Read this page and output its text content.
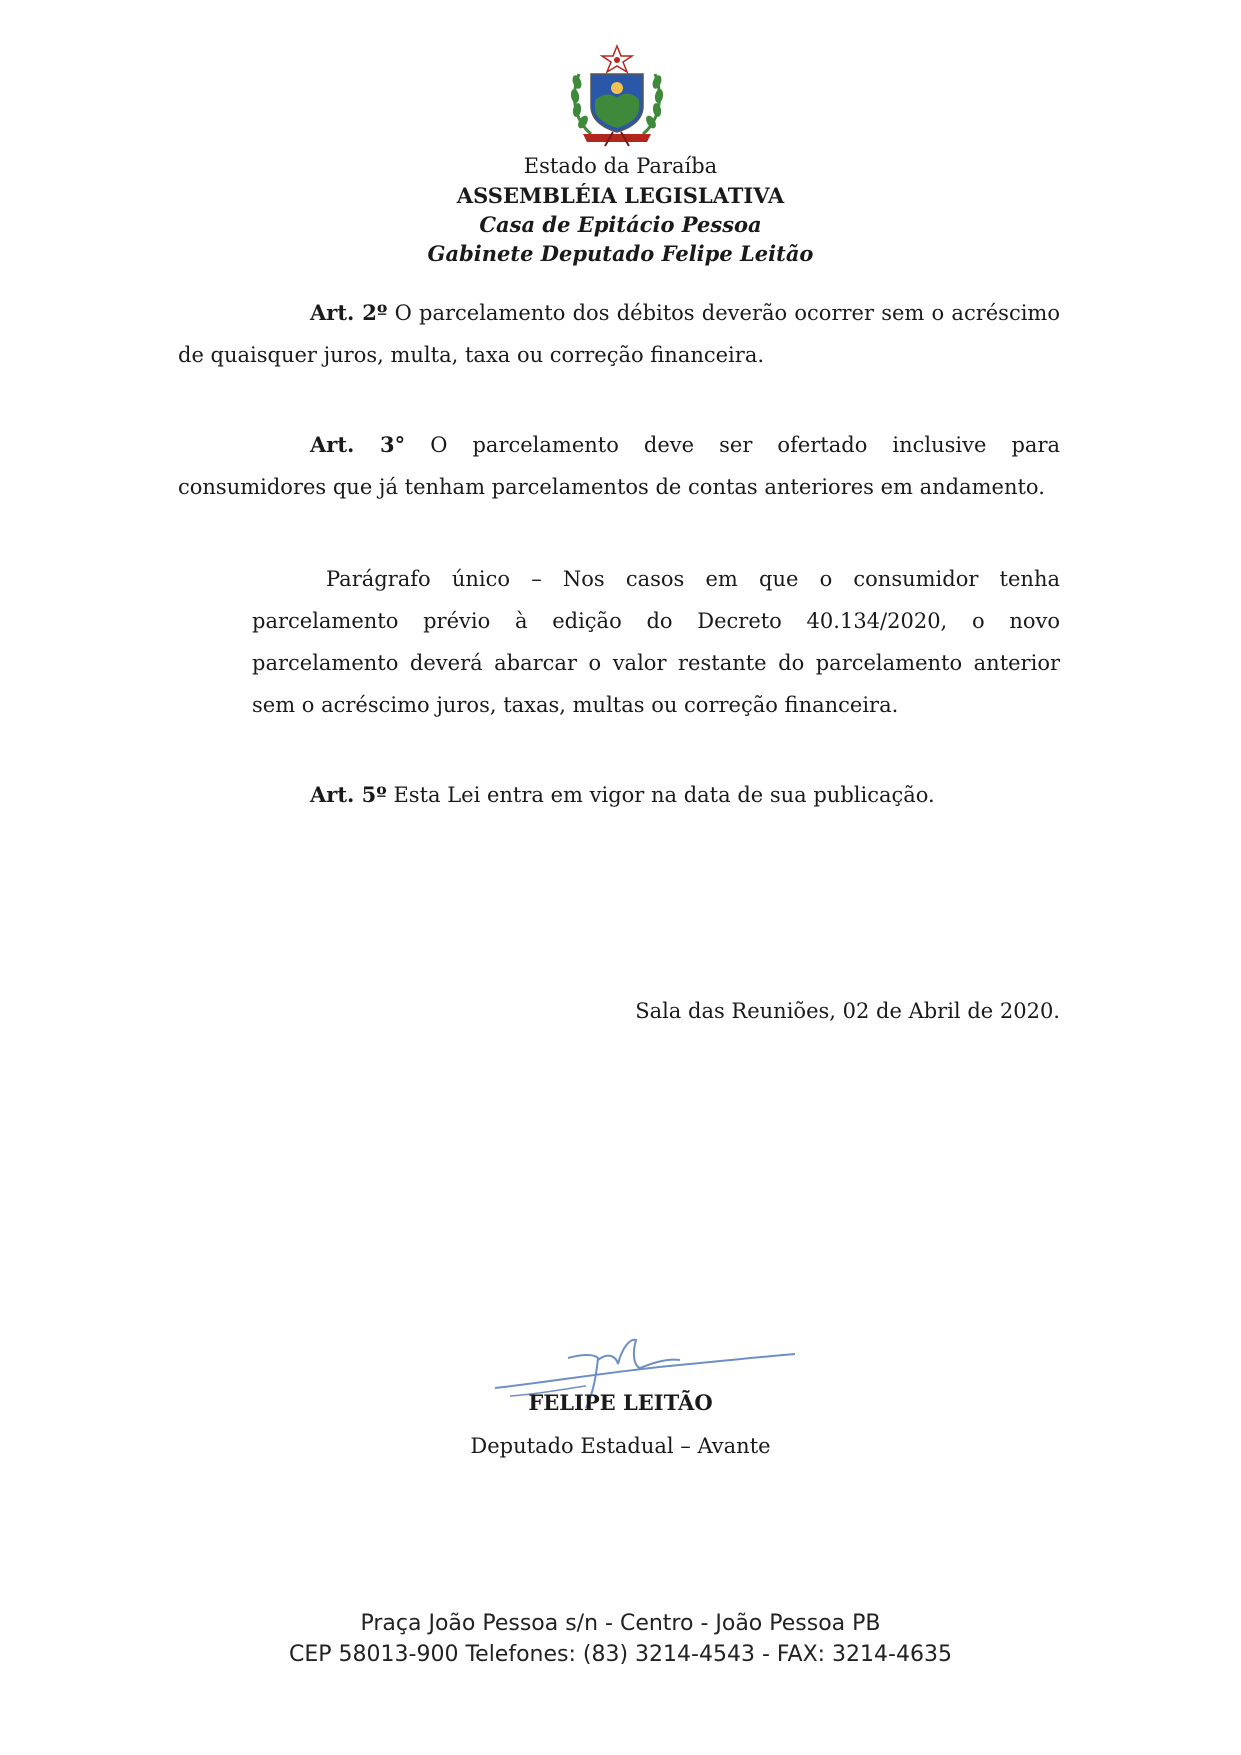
Estado da Paraíba
ASSEMBLÉIA LEGISLATIVA
Casa de Epitácio Pessoa
Gabinete Deputado Felipe Leitão
Art. 2º O parcelamento dos débitos deverão ocorrer sem o acréscimo de quaisquer juros, multa, taxa ou correção financeira.
Art. 3° O parcelamento deve ser ofertado inclusive para consumidores que já tenham parcelamentos de contas anteriores em andamento.
Parágrafo único – Nos casos em que o consumidor tenha parcelamento prévio à edição do Decreto 40.134/2020, o novo parcelamento deverá abarcar o valor restante do parcelamento anterior sem o acréscimo juros, taxas, multas ou correção financeira.
Art. 5º Esta Lei entra em vigor na data de sua publicação.
Sala das Reuniões, 02 de Abril de 2020.
FELIPE LEITÃO
Deputado Estadual – Avante
Praça João Pessoa s/n - Centro - João Pessoa PB
CEP 58013-900 Telefones: (83) 3214-4543 - FAX: 3214-4635
